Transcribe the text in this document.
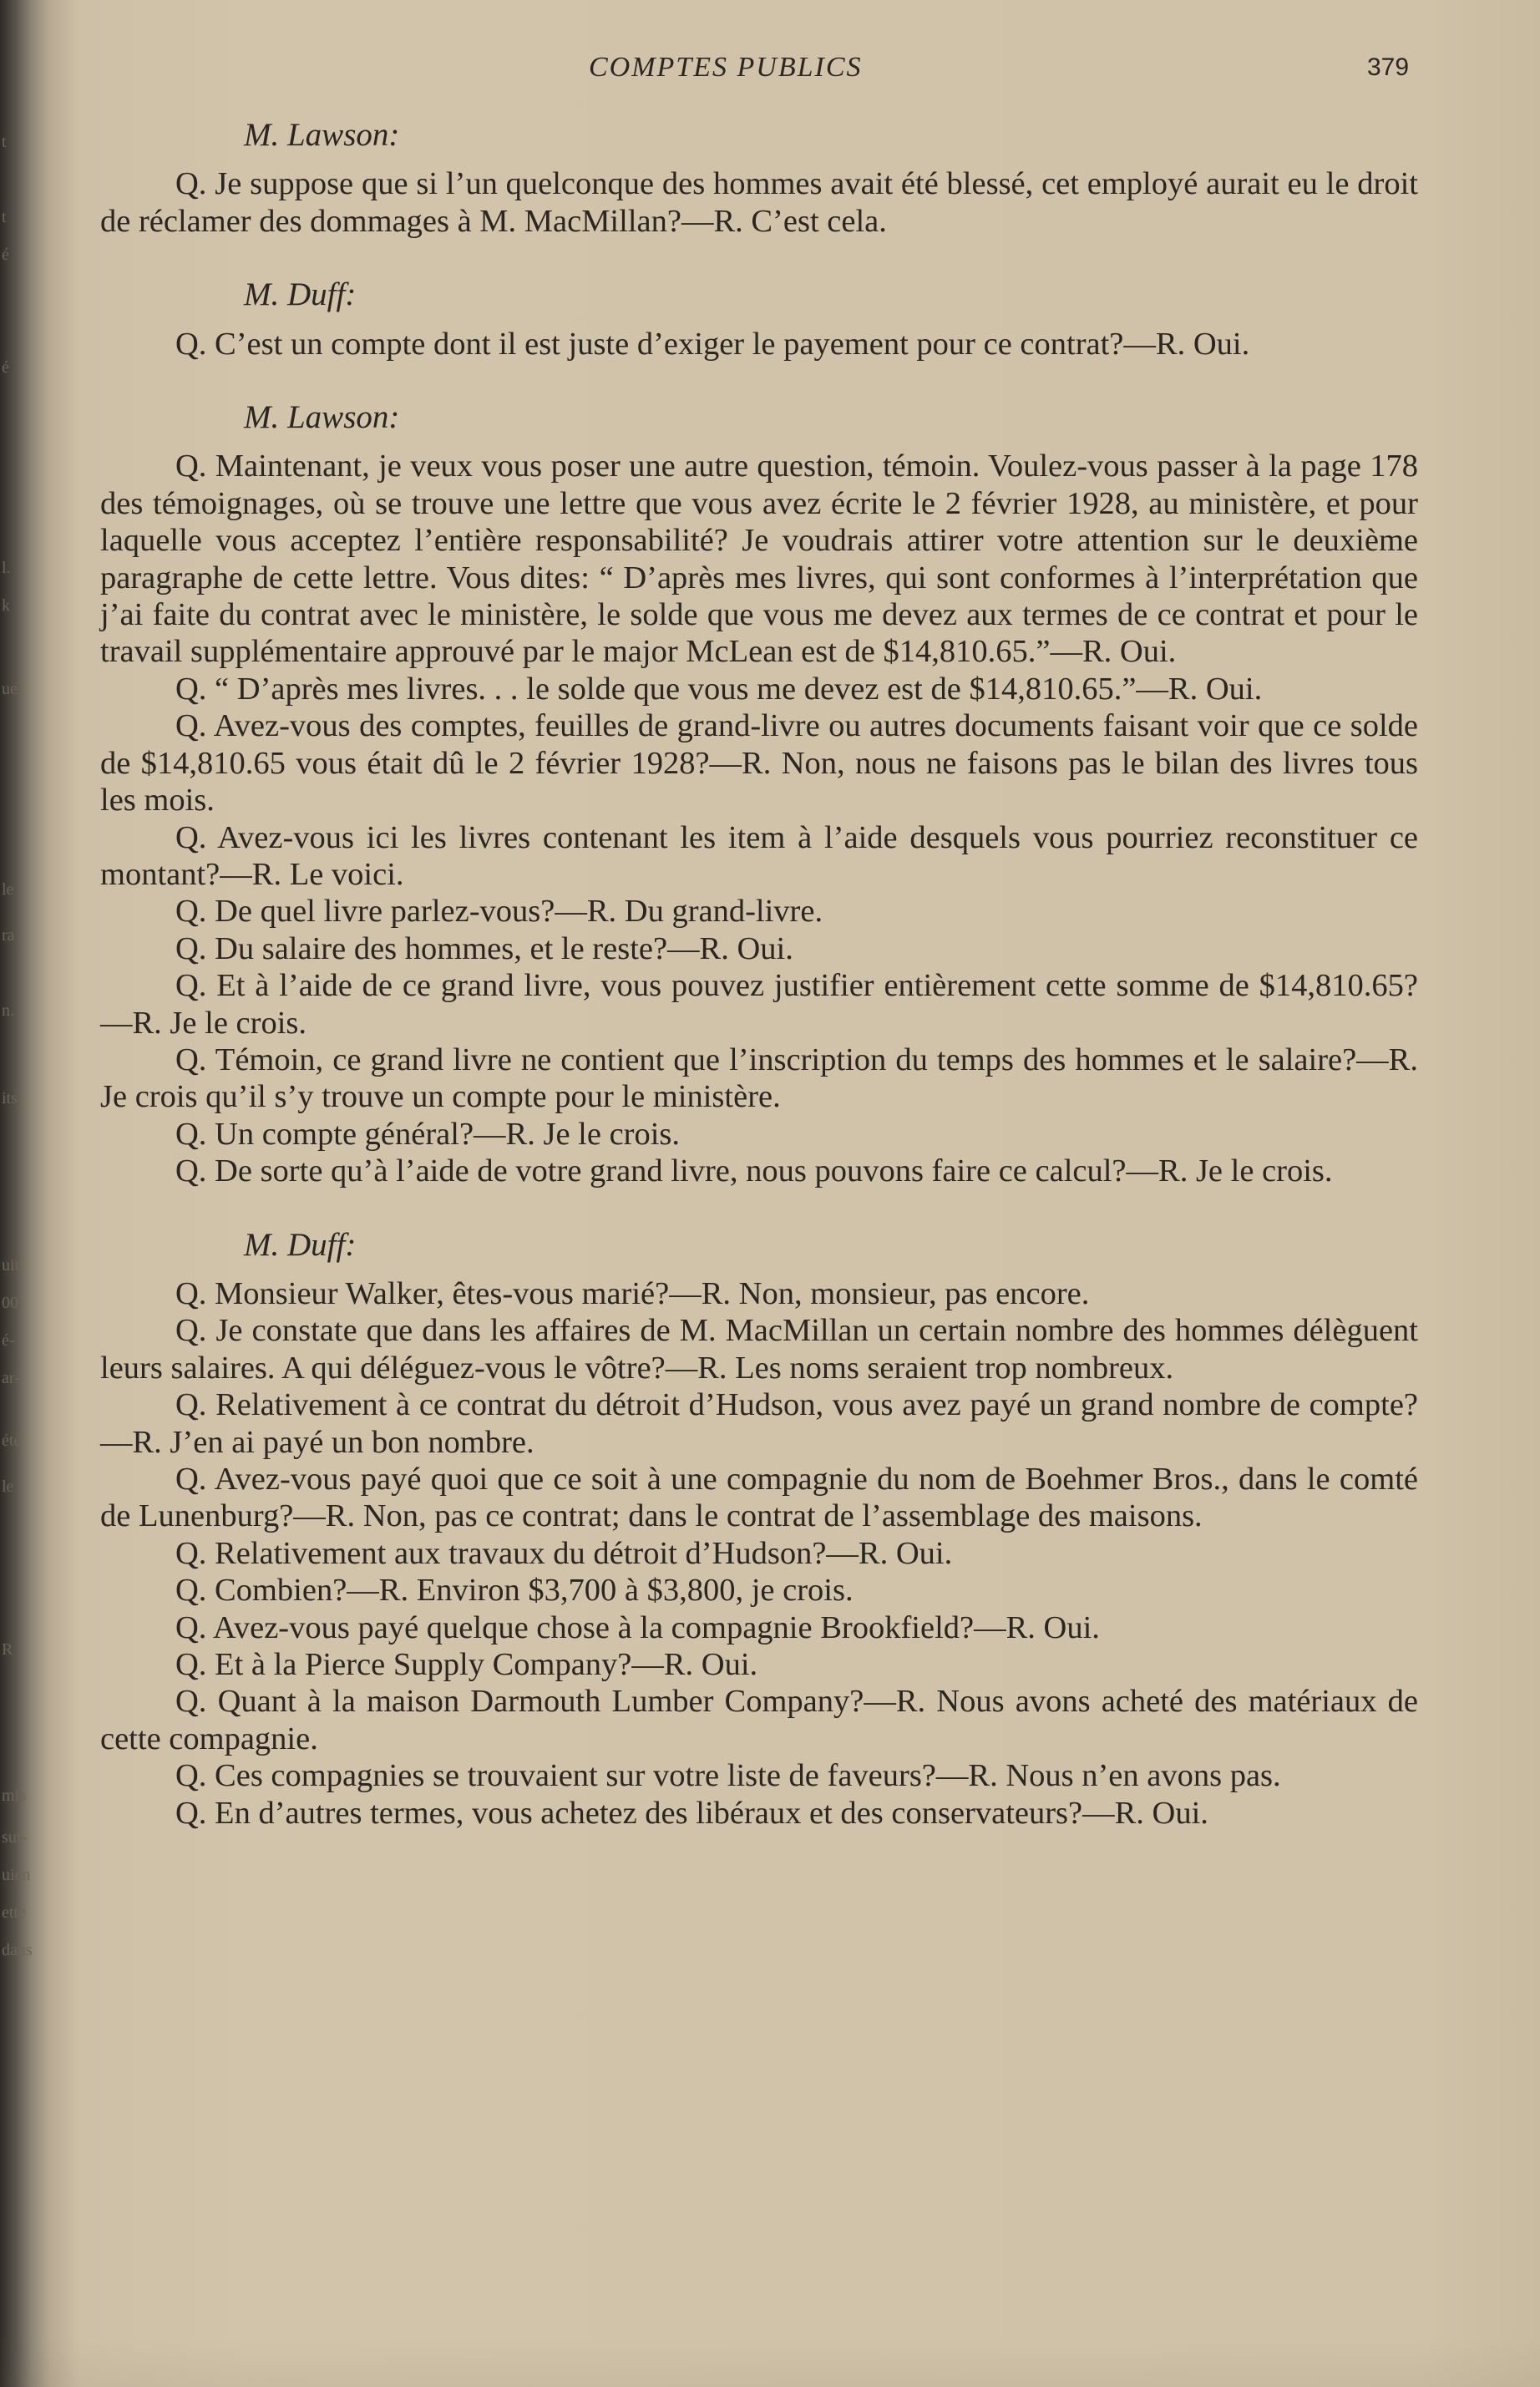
t
t
é
é
l.
k
ue
le
ra
n.
its
uit
00
é-
ar-
été
le
R
mis
sur-
uien
ette
dans
COMPTES PUBLICS	379

M. Lawson:

Q. Je suppose que si l’un quelconque des hommes avait été blessé, cet employé aurait eu le droit de réclamer des dommages à M. MacMillan?—R. C’est cela.

M. Duff:

Q. C’est un compte dont il est juste d’exiger le payement pour ce contrat?—R. Oui.

M. Lawson:

Q. Maintenant, je veux vous poser une autre question, témoin. Voulez-vous passer à la page 178 des témoignages, où se trouve une lettre que vous avez écrite le 2 février 1928, au ministère, et pour laquelle vous acceptez l’entière responsabilité? Je voudrais attirer votre attention sur le deuxième paragraphe de cette lettre. Vous dites: “ D’après mes livres, qui sont conformes à l’interprétation que j’ai faite du contrat avec le ministère, le solde que vous me devez aux termes de ce contrat et pour le travail supplémentaire approuvé par le major McLean est de $14,810.65.”—R. Oui.

Q. “ D’après mes livres. . . le solde que vous me devez est de $14,810.65.”—R. Oui.

Q. Avez-vous des comptes, feuilles de grand-livre ou autres documents faisant voir que ce solde de $14,810.65 vous était dû le 2 février 1928?—R. Non, nous ne faisons pas le bilan des livres tous les mois.

Q. Avez-vous ici les livres contenant les item à l’aide desquels vous pourriez reconstituer ce montant?—R. Le voici.

Q. De quel livre parlez-vous?—R. Du grand-livre.

Q. Du salaire des hommes, et le reste?—R. Oui.

Q. Et à l’aide de ce grand livre, vous pouvez justifier entièrement cette somme de $14,810.65?—R. Je le crois.

Q. Témoin, ce grand livre ne contient que l’inscription du temps des hommes et le salaire?—R. Je crois qu’il s’y trouve un compte pour le ministère.

Q. Un compte général?—R. Je le crois.

Q. De sorte qu’à l’aide de votre grand livre, nous pouvons faire ce calcul?—R. Je le crois.

M. Duff:

Q. Monsieur Walker, êtes-vous marié?—R. Non, monsieur, pas encore.

Q. Je constate que dans les affaires de M. MacMillan un certain nombre des hommes délèguent leurs salaires. A qui déléguez-vous le vôtre?—R. Les noms seraient trop nombreux.

Q. Relativement à ce contrat du détroit d’Hudson, vous avez payé un grand nombre de compte?—R. J’en ai payé un bon nombre.

Q. Avez-vous payé quoi que ce soit à une compagnie du nom de Boehmer Bros., dans le comté de Lunenburg?—R. Non, pas ce contrat; dans le contrat de l’assemblage des maisons.

Q. Relativement aux travaux du détroit d’Hudson?—R. Oui.

Q. Combien?—R. Environ $3,700 à $3,800, je crois.

Q. Avez-vous payé quelque chose à la compagnie Brookfield?—R. Oui.

Q. Et à la Pierce Supply Company?—R. Oui.

Q. Quant à la maison Darmouth Lumber Company?—R. Nous avons acheté des matériaux de cette compagnie.

Q. Ces compagnies se trouvaient sur votre liste de faveurs?—R. Nous n’en avons pas.

Q. En d’autres termes, vous achetez des libéraux et des conservateurs?—R. Oui.
